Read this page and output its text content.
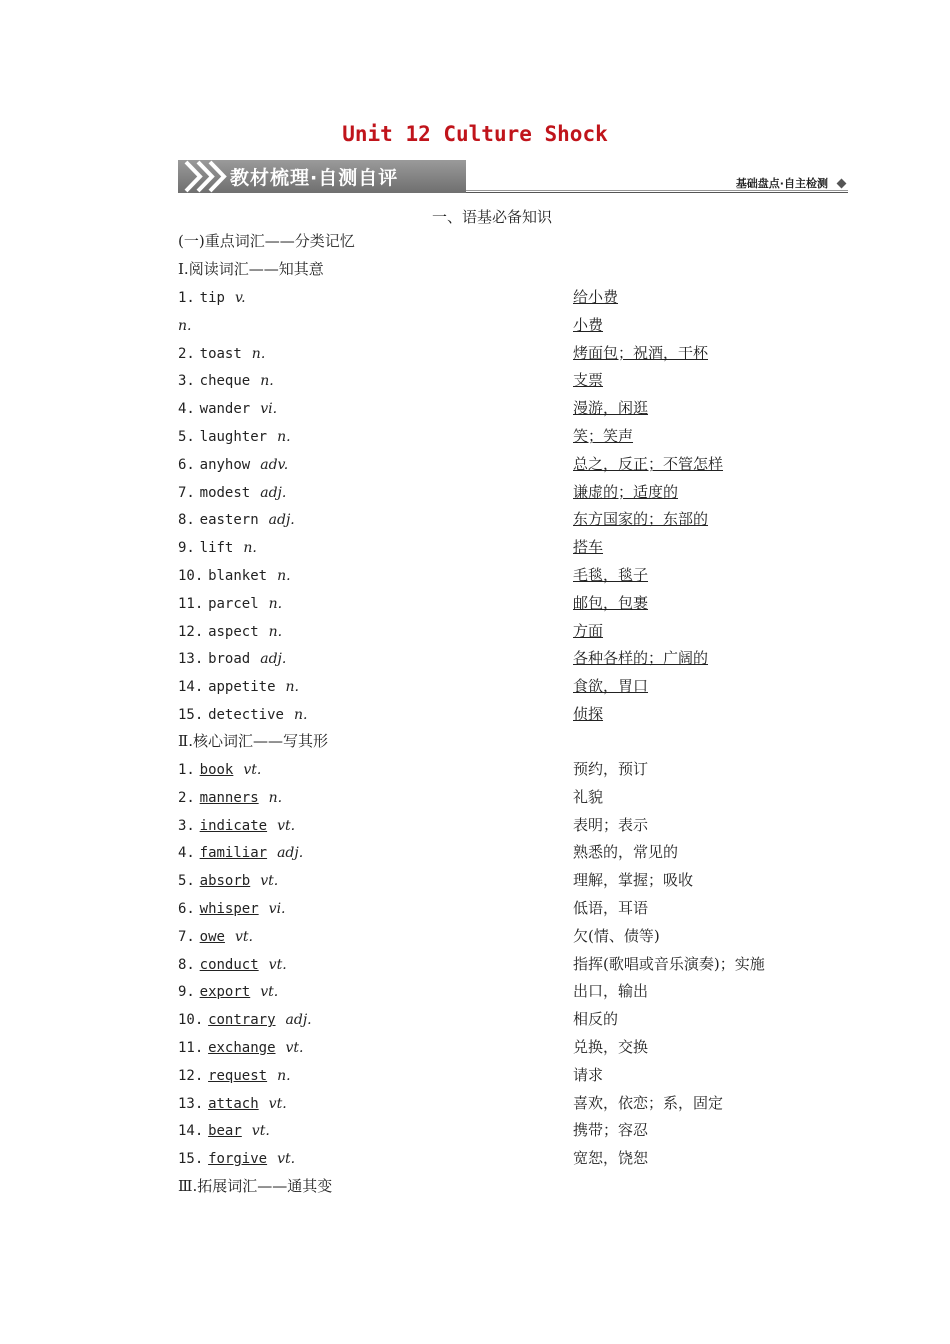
Unit 12 Culture Shock
教材梳理·自测自评	基础盘点·自主检测
一、语基必备知识
(一)重点词汇——分类记忆
Ⅰ.阅读词汇——知其意
1. tip v.	给小费
n.	小费
2. toast n.	烤面包；祝酒，干杯
3. cheque n.	支票
4. wander vi.	漫游，闲逛
5. laughter n.	笑；笑声
6. anyhow adv.	总之，反正；不管怎样
7. modest adj.	谦虚的；适度的
8. eastern adj.	东方国家的；东部的
9. lift n.	搭车
10. blanket n.	毛毯，毯子
11. parcel n.	邮包，包裹
12. aspect n.	方面
13. broad adj.	各种各样的；广阔的
14. appetite n.	食欲，胃口
15. detective n.	侦探
Ⅱ.核心词汇——写其形
1. book vt.	预约，预订
2. manners n.	礼貌
3. indicate vt.	表明；表示
4. familiar adj.	熟悉的，常见的
5. absorb vt.	理解，掌握；吸收
6. whisper vi.	低语，耳语
7. owe vt.	欠(情、债等)
8. conduct vt.	指挥(歌唱或音乐演奏)；实施
9. export vt.	出口，输出
10. contrary adj.	相反的
11. exchange vt.	兑换，交换
12. request n.	请求
13. attach vt.	喜欢，依恋；系，固定
14. bear vt.	携带；容忍
15. forgive vt.	宽恕，饶恕
Ⅲ.拓展词汇——通其变
